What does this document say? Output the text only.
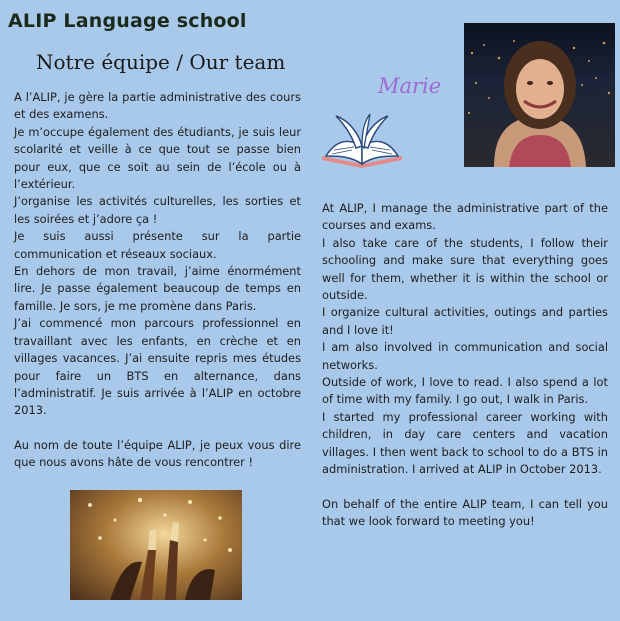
ALIP Language school
Notre équipe / Our team

A l’ALIP, je gère la partie administrative des cours et des examens.

Je m’occupe également des étudiants, je suis leur scolarité et veille à ce que tout se passe bien pour eux, que ce soit au sein de l’école ou à l’extérieur.

J’organise les activités culturelles, les sorties et les soirées et j’adore ça !

Je suis aussi présente sur la partie communication et réseaux sociaux.

En dehors de mon travail, j’aime énormément lire. Je passe également beaucoup de temps en famille. Je sors, je me promène dans Paris.

J’ai commencé mon parcours professionnel en travaillant avec les enfants, en crèche et en villages vacances. J’ai ensuite repris mes études pour faire un BTS en alternance, dans l’administratif. Je suis arrivée à l’ALIP en octobre 2013.

Au nom de toute l’équipe ALIP, je peux vous dire que nous avons hâte de vous rencontrer !

Marie

At ALIP, I manage the administrative part of the courses and exams.

I also take care of the students, I follow their schooling and make sure that everything goes well for them, whether it is within the school or outside.

I organize cultural activities, outings and parties and I love it!

I am also involved in communication and social networks.

Outside of work, I love to read. I also spend a lot of time with my family. I go out, I walk in Paris.

I started my professional career working with children, in day care centers and vacation villages. I then went back to school to do a BTS in administration. I arrived at ALIP in October 2013.

On behalf of the entire ALIP team, I can tell you that we look forward to meeting you!
